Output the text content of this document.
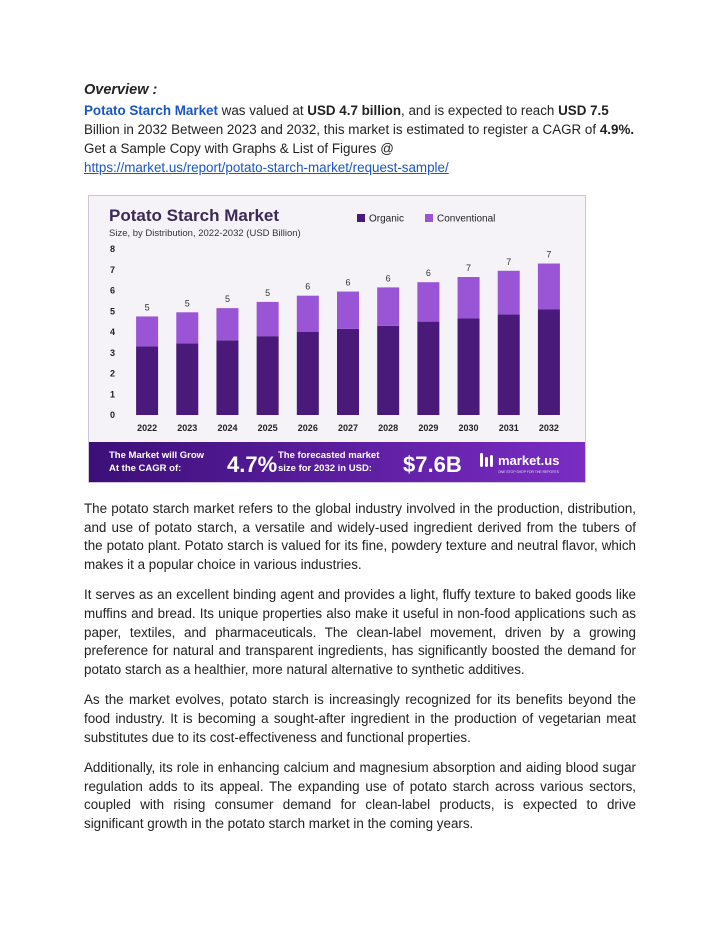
Overview :

Potato Starch Market was valued at USD 4.7 billion, and is expected to reach USD 7.5 Billion in 2032 Between 2023 and 2032, this market is estimated to register a CAGR of 4.9%.

Get a Sample Copy with Graphs & List of Figures @

https://market.us/report/potato-starch-market/request-sample/
Potato Starch Market
Size, by Distribution, 2022-2032 (USD Billion)
Organic	Conventional
0
1
2
3
4
5
6
7
8
5	5	5
5
6	6	6
6
7
7
7
2022 2023 2024 2025 2026 2027 2028 2029 2030 2031 2032
The Market will Grow
At the CAGR of: 4.7% The forecasted market
size for 2032 in USD: $7.6B	market.us
ONE STOP SHOP FOR THE REPORTS

The potato starch market refers to the global industry involved in the production, distribution, and use of potato starch, a versatile and widely-used ingredient derived from the tubers of the potato plant. Potato starch is valued for its fine, powdery texture and neutral flavor, which makes it a popular choice in various industries.

It serves as an excellent binding agent and provides a light, fluffy texture to baked goods like muffins and bread. Its unique properties also make it useful in non-food applications such as paper, textiles, and pharmaceuticals. The clean-label movement, driven by a growing preference for natural and transparent ingredients, has significantly boosted the demand for potato starch as a healthier, more natural alternative to synthetic additives.

As the market evolves, potato starch is increasingly recognized for its benefits beyond the food industry. It is becoming a sought-after ingredient in the production of vegetarian meat substitutes due to its cost-effectiveness and functional properties.

Additionally, its role in enhancing calcium and magnesium absorption and aiding blood sugar regulation adds to its appeal. The expanding use of potato starch across various sectors, coupled with rising consumer demand for clean-label products, is expected to drive significant growth in the potato starch market in the coming years.
